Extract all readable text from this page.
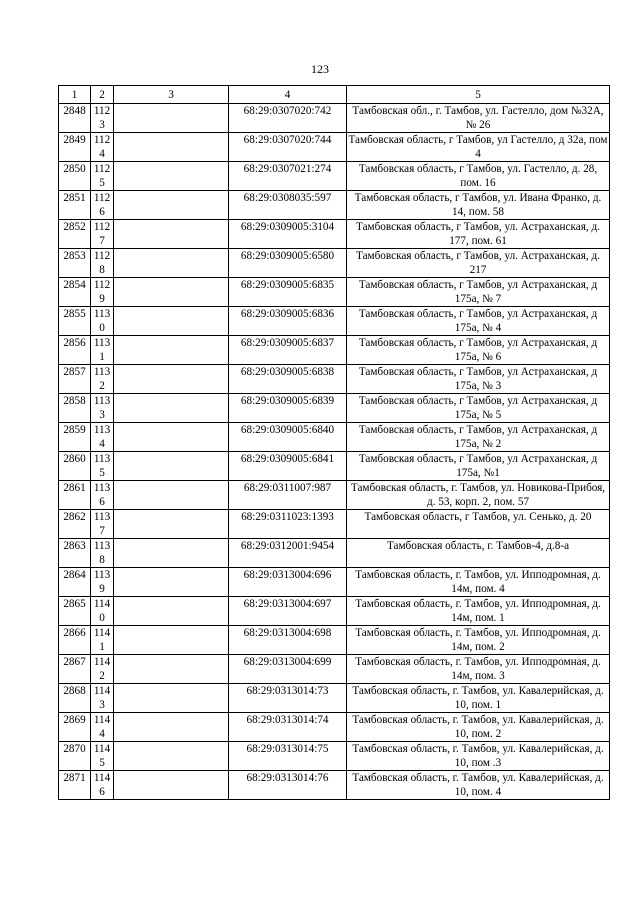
123
1	2	3	4	5
2848	1123		68:29:0307020:742	Тамбовская обл., г. Тамбов, ул. Гастелло, дом №32А, № 26
2849	1124		68:29:0307020:744	Тамбовская область, г Тамбов, ул Гастелло, д 32а, пом 4
2850	1125		68:29:0307021:274	Тамбовская область, г Тамбов, ул. Гастелло, д. 28, пом. 16
2851	1126		68:29:0308035:597	Тамбовская область, г Тамбов, ул. Ивана Франко, д. 14, пом. 58
2852	1127		68:29:0309005:3104	Тамбовская область, г Тамбов, ул. Астраханская, д. 177, пом. 61
2853	1128		68:29:0309005:6580	Тамбовская область, г Тамбов, ул. Астраханская, д. 217
2854	1129		68:29:0309005:6835	Тамбовская область, г Тамбов, ул Астраханская, д 175а, № 7
2855	1130		68:29:0309005:6836	Тамбовская область, г Тамбов, ул Астраханская, д 175а, № 4
2856	1131		68:29:0309005:6837	Тамбовская область, г Тамбов, ул Астраханская, д 175а, № 6
2857	1132		68:29:0309005:6838	Тамбовская область, г Тамбов, ул Астраханская, д 175а, № 3
2858	1133		68:29:0309005:6839	Тамбовская область, г Тамбов, ул Астраханская, д 175а, № 5
2859	1134		68:29:0309005:6840	Тамбовская область, г Тамбов, ул Астраханская, д 175а, № 2
2860	1135		68:29:0309005:6841	Тамбовская область, г Тамбов, ул Астраханская, д 175а, №1
2861	1136		68:29:0311007:987	Тамбовская область, г. Тамбов, ул. Новикова-Прибоя, д. 53, корп. 2, пом. 57
2862	1137		68:29:0311023:1393	Тамбовская область, г Тамбов, ул. Сенько, д. 20
2863	1138		68:29:0312001:9454	Тамбовская область, г. Тамбов-4, д.8-а
2864	1139		68:29:0313004:696	Тамбовская область, г. Тамбов, ул. Ипподромная, д. 14м, пом. 4
2865	1140		68:29:0313004:697	Тамбовская область, г. Тамбов, ул. Ипподромная, д. 14м, пом. 1
2866	1141		68:29:0313004:698	Тамбовская область, г. Тамбов, ул. Ипподромная, д. 14м, пом. 2
2867	1142		68:29:0313004:699	Тамбовская область, г. Тамбов, ул. Ипподромная, д. 14м, пом. 3
2868	1143		68:29:0313014:73	Тамбовская область, г. Тамбов, ул. Кавалерийская, д. 10, пом. 1
2869	1144		68:29:0313014:74	Тамбовская область, г. Тамбов, ул. Кавалерийская, д. 10, пом. 2
2870	1145		68:29:0313014:75	Тамбовская область, г. Тамбов, ул. Кавалерийская, д. 10, пом .3
2871	1146		68:29:0313014:76	Тамбовская область, г. Тамбов, ул. Кавалерийская, д. 10, пом. 4
